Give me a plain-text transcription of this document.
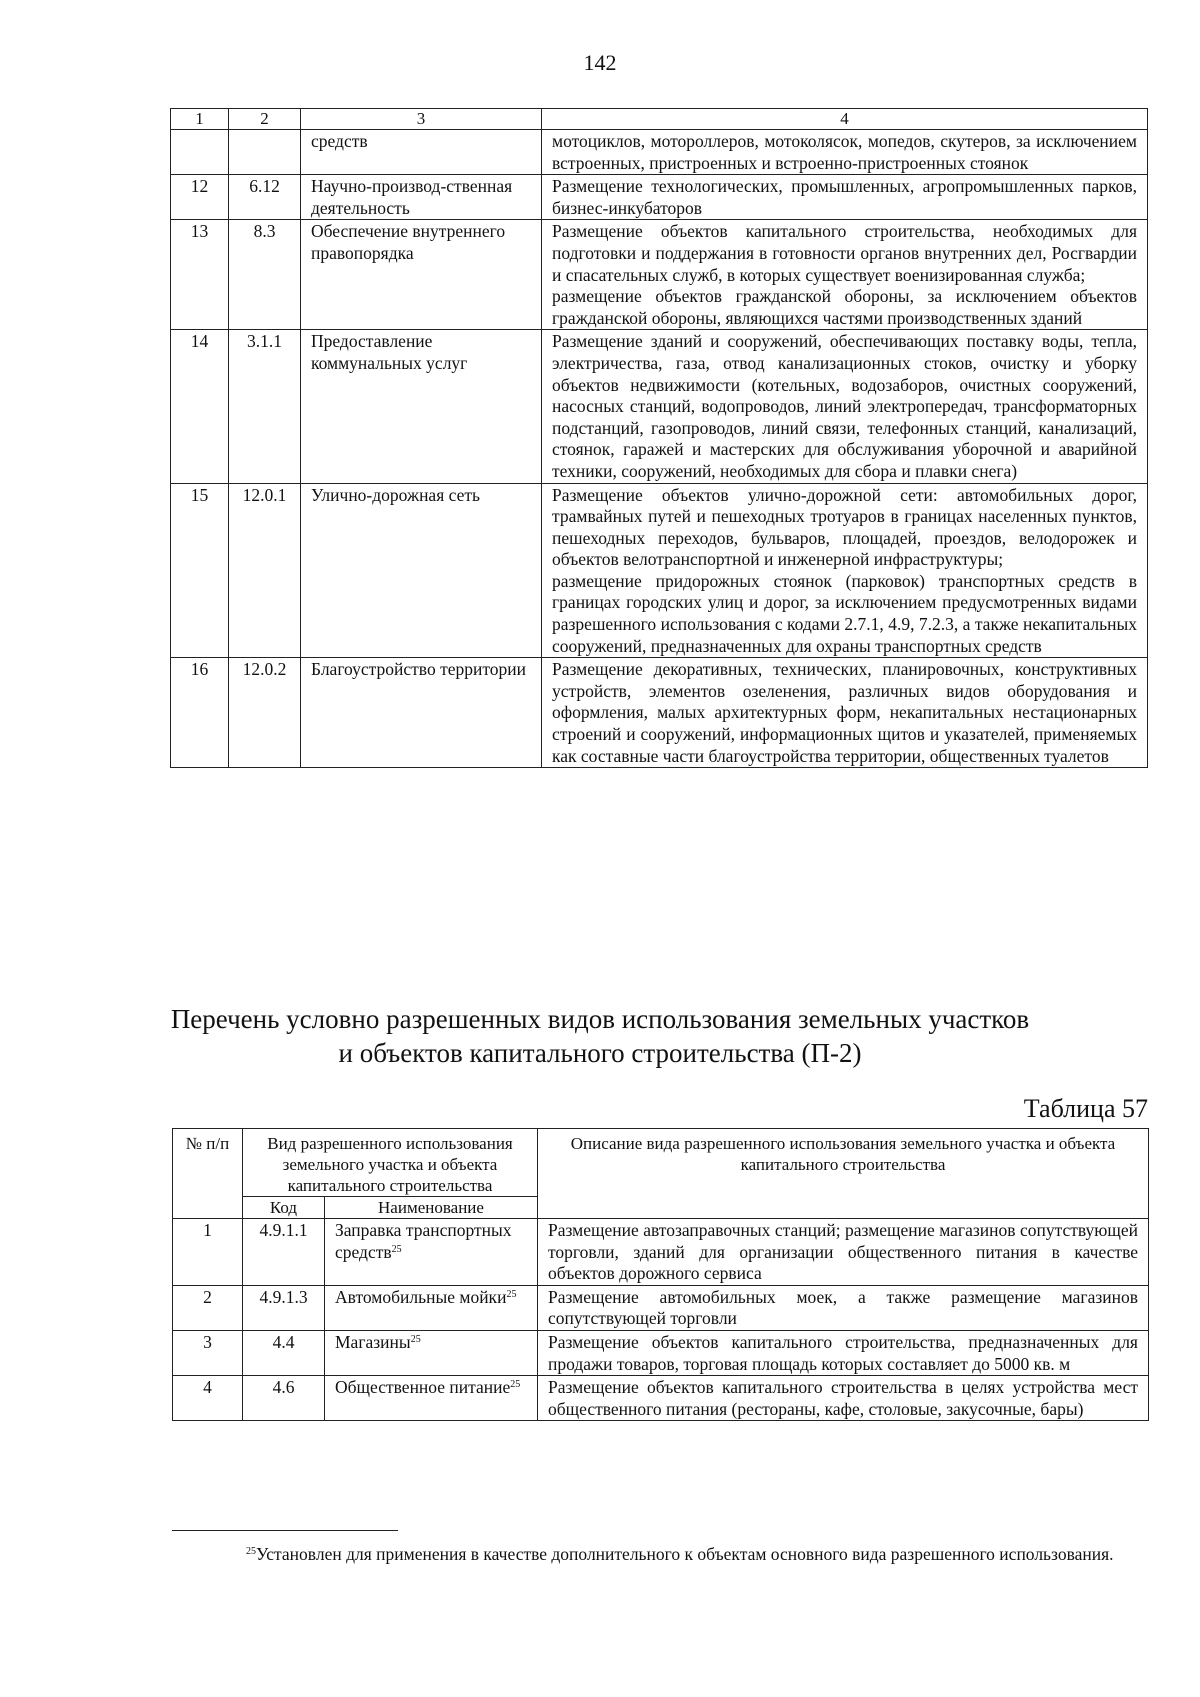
142
1	2	3	4
		средств	мотоциклов, мотороллеров, мотоколясок, мопедов, скутеров, за исключением встроенных, пристроенных и встроенно-пристроенных стоянок
12	6.12	Научно-производ-ственная деятельность	Размещение технологических, промышленных, агропромышленных парков, бизнес-инкубаторов
13	8.3	Обеспечение внутреннего правопорядка	Размещение объектов капитального строительства, необходимых для подготовки и поддержания в готовности органов внутренних дел, Росгвардии и спасательных служб, в которых существует военизированная служба;
размещение объектов гражданской обороны, за исключением объектов гражданской обороны, являющихся частями производственных зданий
14	3.1.1	Предоставление коммунальных услуг	Размещение зданий и сооружений, обеспечивающих поставку воды, тепла, электричества, газа, отвод канализационных стоков, очистку и уборку объектов недвижимости (котельных, водозаборов, очистных сооружений, насосных станций, водопроводов, линий электропередач, трансформаторных подстанций, газопроводов, линий связи, телефонных станций, канализаций, стоянок, гаражей и мастерских для обслуживания уборочной и аварийной техники, сооружений, необходимых для сбора и плавки снега)
15	12.0.1	Улично-дорожная сеть	Размещение объектов улично-дорожной сети: автомобильных дорог, трамвайных путей и пешеходных тротуаров в границах населенных пунктов, пешеходных переходов, бульваров, площадей, проездов, велодорожек и объектов велотранспортной и инженерной инфраструктуры;
размещение придорожных стоянок (парковок) транспортных средств в границах городских улиц и дорог, за исключением предусмотренных видами разрешенного использования с кодами 2.7.1, 4.9, 7.2.3, а также некапитальных сооружений, предназначенных для охраны транспортных средств
16	12.0.2	Благоустройство территории	Размещение декоративных, технических, планировочных, конструктивных устройств, элементов озеленения, различных видов оборудования и оформления, малых архитектурных форм, некапитальных нестационарных строений и сооружений, информационных щитов и указателей, применяемых как составные части благоустройства территории, общественных туалетов
Перечень условно разрешенных видов использования земельных участков
и объектов капитального строительства (П-2)
Таблица 57
№ п/п	Вид разрешенного использования земельного участка и объекта капитального строительства		Описание вида разрешенного использования земельного участка и объекта капитального строительства
	Код	Наименование	
1	4.9.1.1	Заправка транспортных средств$^{25}$	Размещение автозаправочных станций; размещение магазинов сопутствующей торговли, зданий для организации общественного питания в качестве объектов дорожного сервиса
2	4.9.1.3	Автомобильные мойки$^{25}$	Размещение автомобильных моек, а также размещение магазинов сопутствующей торговли
3	4.4	Магазины$^{25}$	Размещение объектов капитального строительства, предназначенных для продажи товаров, торговая площадь которых составляет до 5000 кв. м
4	4.6	Общественное питание$^{25}$	Размещение объектов капитального строительства в целях устройства мест общественного питания (рестораны, кафе, столовые, закусочные, бары)
$^{25}$Установлен для применения в качестве дополнительного к объектам основного вида разрешенного использования.
